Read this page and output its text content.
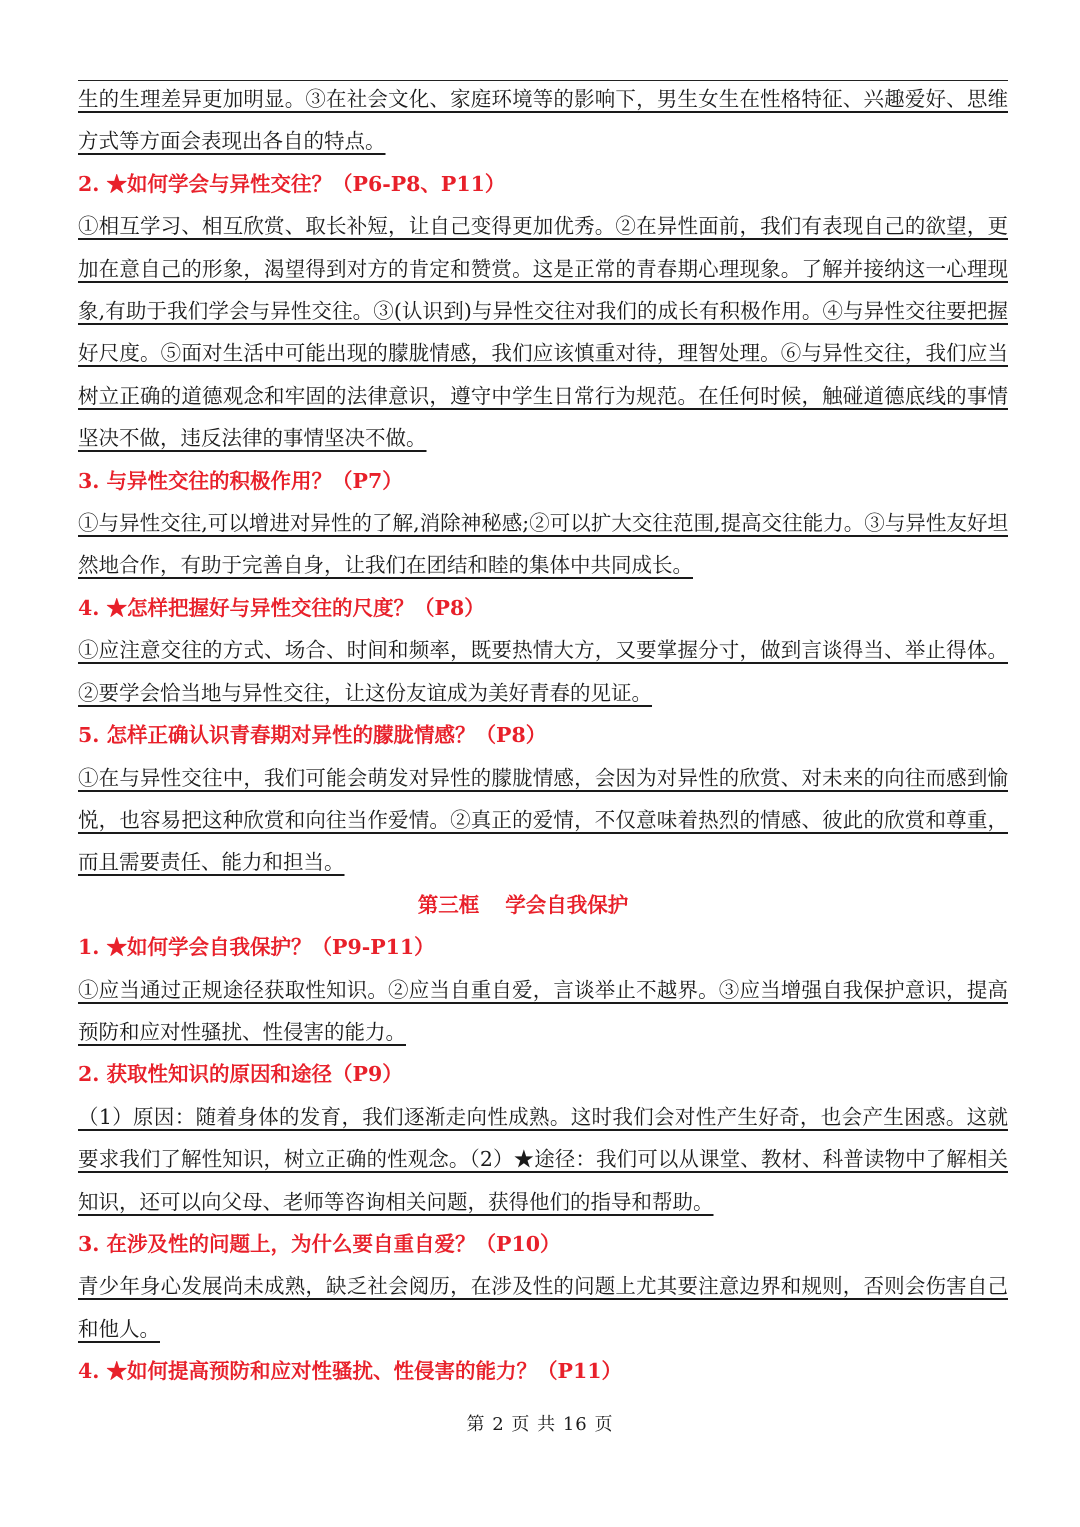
生的生理差异更加明显。③在社会文化、家庭环境等的影响下，男生女生在性格特征、兴趣爱好、思维方式等方面会表现出各自的特点。
2. ★如何学会与异性交往？（P6-P8、P11）
①相互学习、相互欣赏、取长补短，让自己变得更加优秀。②在异性面前，我们有表现自己的欲望，更加在意自己的形象，渴望得到对方的肯定和赞赏。这是正常的青春期心理现象。了解并接纳这一心理现象,有助于我们学会与异性交往。③(认识到)与异性交往对我们的成长有积极作用。④与异性交往要把握好尺度。⑤面对生活中可能出现的朦胧情感，我们应该慎重对待，理智处理。⑥与异性交往，我们应当树立正确的道德观念和牢固的法律意识，遵守中学生日常行为规范。在任何时候，触碰道德底线的事情坚决不做，违反法律的事情坚决不做。
3. 与异性交往的积极作用？（P7）
①与异性交往,可以增进对异性的了解,消除神秘感;②可以扩大交往范围,提高交往能力。③与异性友好坦然地合作，有助于完善自身，让我们在团结和睦的集体中共同成长。
4. ★怎样把握好与异性交往的尺度？（P8）
①应注意交往的方式、场合、时间和频率，既要热情大方，又要掌握分寸，做到言谈得当、举止得体。②要学会恰当地与异性交往，让这份友谊成为美好青春的见证。
5. 怎样正确认识青春期对异性的朦胧情感？（P8）
①在与异性交往中，我们可能会萌发对异性的朦胧情感，会因为对异性的欣赏、对未来的向往而感到愉悦，也容易把这种欣赏和向往当作爱情。②真正的爱情，不仅意味着热烈的情感、彼此的欣赏和尊重，而且需要责任、能力和担当。
第三框 学会自我保护
1. ★如何学会自我保护？（P9-P11）
①应当通过正规途径获取性知识。②应当自重自爱，言谈举止不越界。③应当增强自我保护意识，提高预防和应对性骚扰、性侵害的能力。
2. 获取性知识的原因和途径（P9）
（1）原因：随着身体的发育，我们逐渐走向性成熟。这时我们会对性产生好奇，也会产生困惑。这就要求我们了解性知识，树立正确的性观念。（2）★途径：我们可以从课堂、教材、科普读物中了解相关知识，还可以向父母、老师等咨询相关问题，获得他们的指导和帮助。
3. 在涉及性的问题上，为什么要自重自爱？（P10）
青少年身心发展尚未成熟，缺乏社会阅历，在涉及性的问题上尤其要注意边界和规则，否则会伤害自己和他人。
4. ★如何提高预防和应对性骚扰、性侵害的能力？（P11）
第 2 页 共 16 页
